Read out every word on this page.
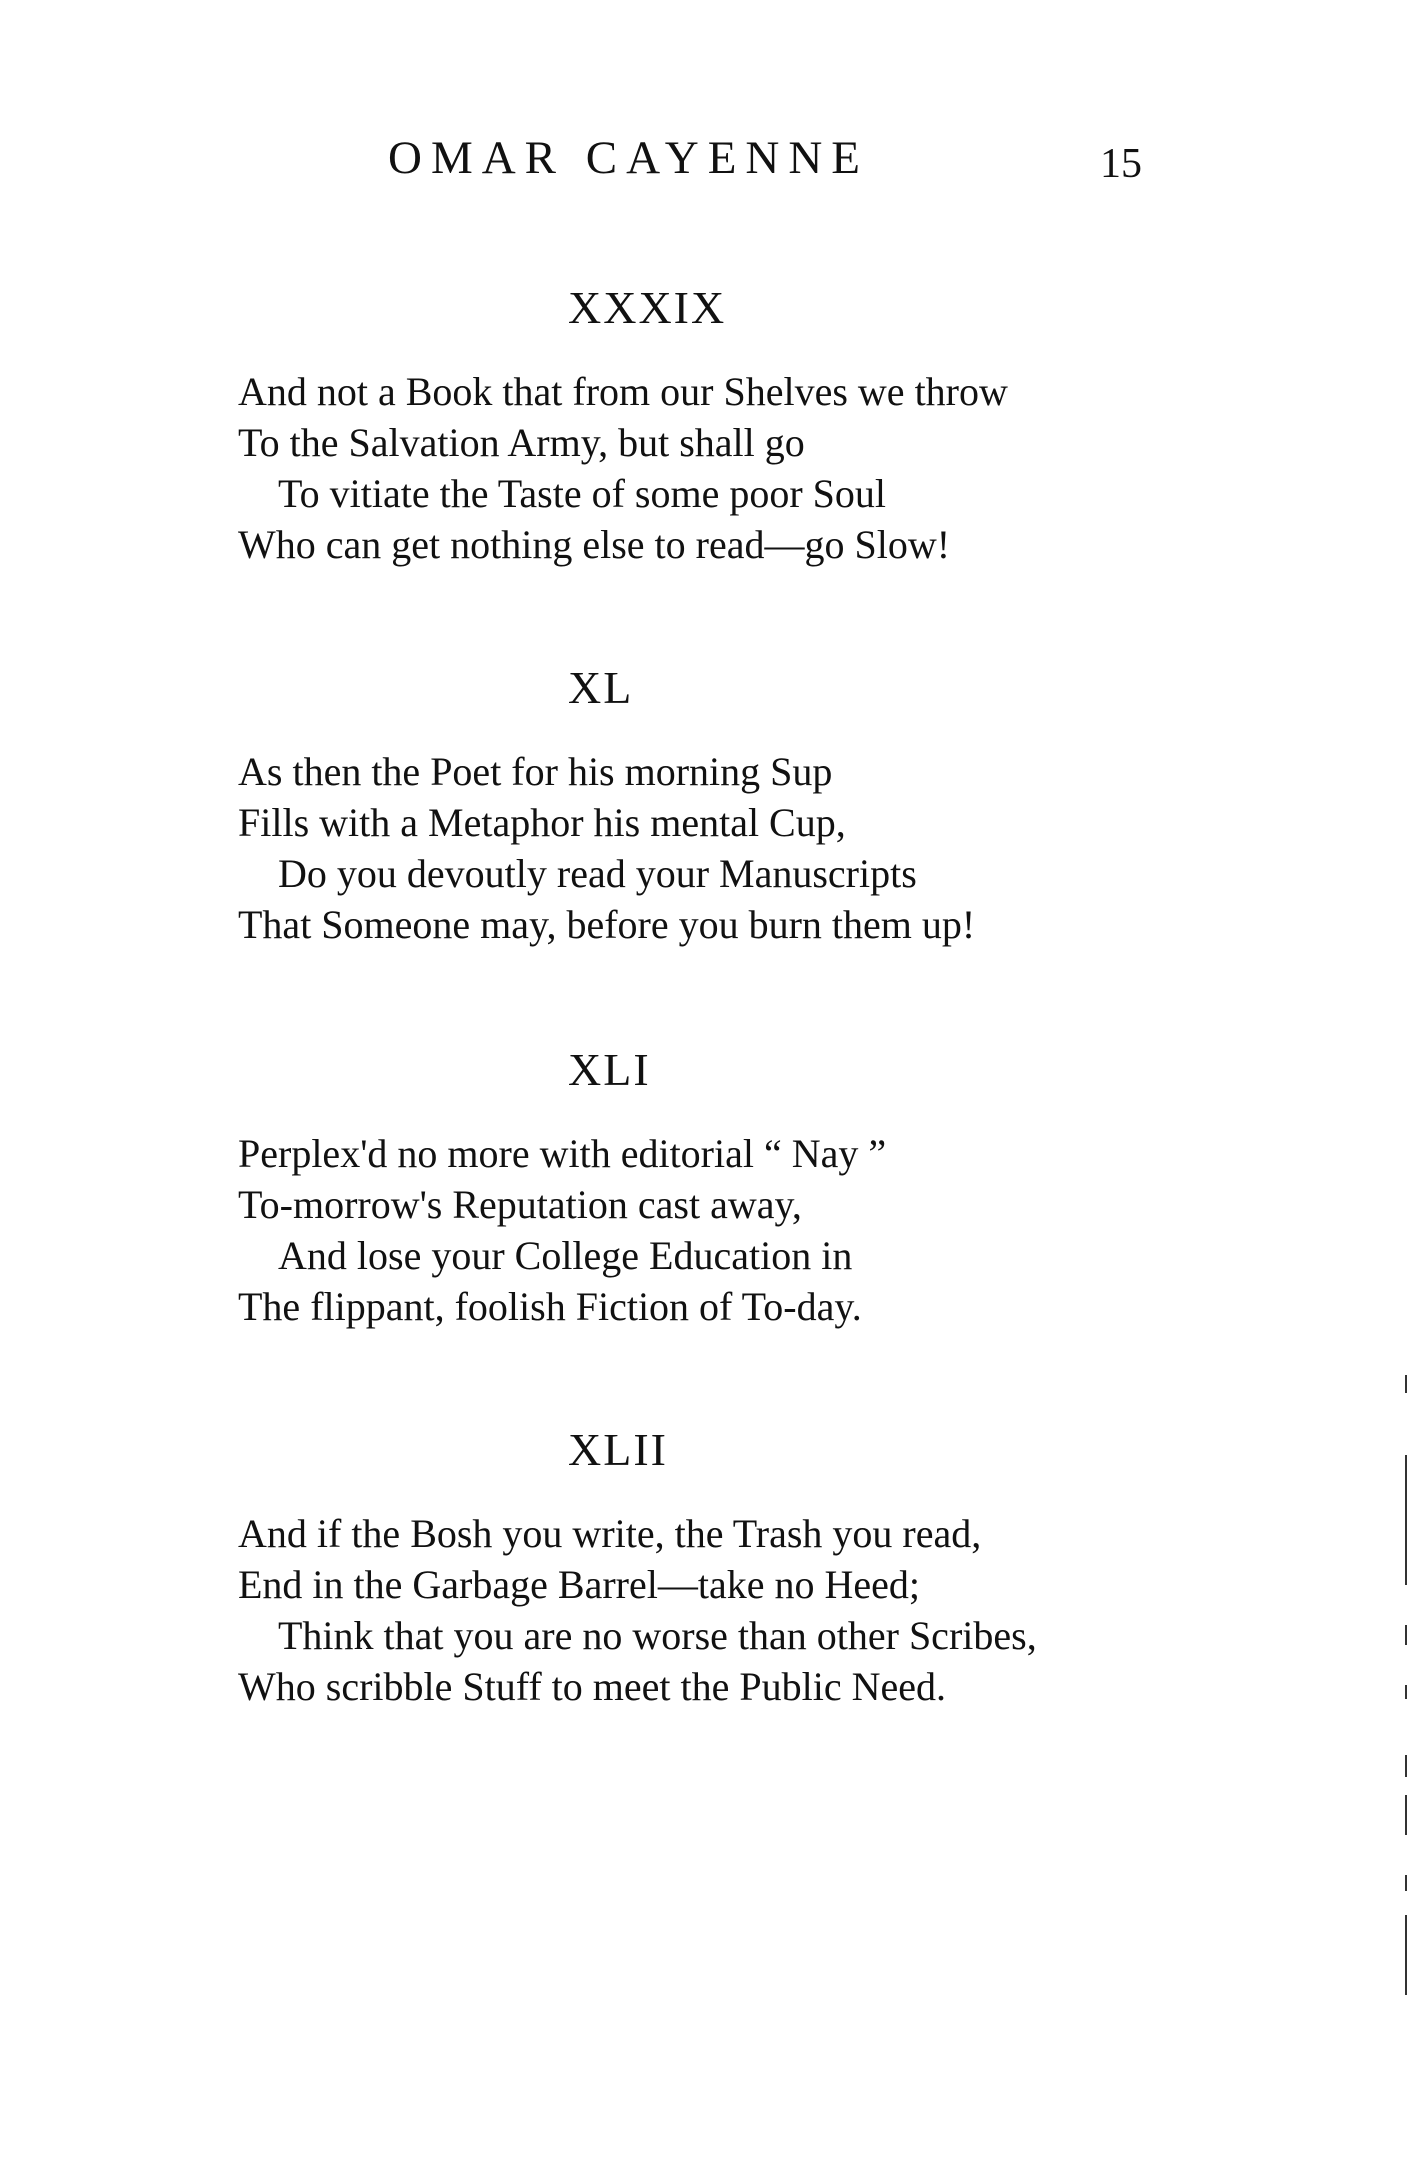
OMAR CAYENNE	15
XXXIX
And not a Book that from our Shelves we throw
To the Salvation Army, but shall go
To vitiate the Taste of some poor Soul
Who can get nothing else to read—go Slow!
XL
As then the Poet for his morning Sup
Fills with a Metaphor his mental Cup,
Do you devoutly read your Manuscripts
That Someone may, before you burn them up!
XLI
Perplex'd no more with editorial “ Nay ”
To-morrow's Reputation cast away,
And lose your College Education in
The flippant, foolish Fiction of To-day.
XLII
And if the Bosh you write, the Trash you read,
End in the Garbage Barrel—take no Heed;
Think that you are no worse than other Scribes,
Who scribble Stuff to meet the Public Need.
